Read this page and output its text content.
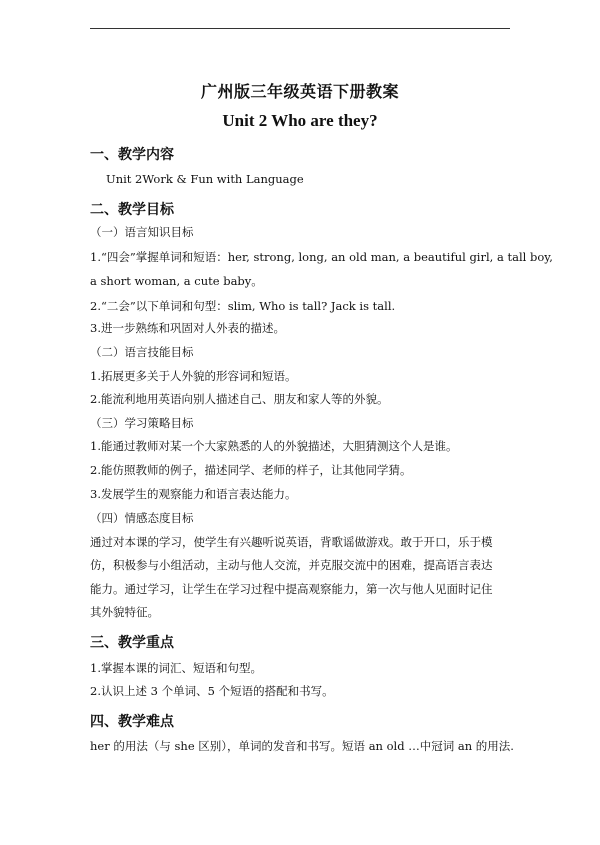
广州版三年级英语下册教案
Unit 2 Who are they?
一、教学内容
Unit 2Work & Fun with Language
二、教学目标
（一）语言知识目标
1.“四会”掌握单词和短语：her, strong, long, an old man, a beautiful girl, a tall boy,
a short woman, a cute baby。
2.“二会”以下单词和句型：slim, Who is tall? Jack is tall.
3.进一步熟练和巩固对人外表的描述。
（二）语言技能目标
1.拓展更多关于人外貌的形容词和短语。
2.能流利地用英语向别人描述自己、朋友和家人等的外貌。
（三）学习策略目标
1.能通过教师对某一个大家熟悉的人的外貌描述，大胆猜测这个人是谁。
2.能仿照教师的例子，描述同学、老师的样子，让其他同学猜。
3.发展学生的观察能力和语言表达能力。
（四）情感态度目标
通过对本课的学习，使学生有兴趣听说英语，背歌谣做游戏。敢于开口，乐于模
仿，积极参与小组活动，主动与他人交流，并克服交流中的困难，提高语言表达
能力。通过学习，让学生在学习过程中提高观察能力，第一次与他人见面时记住
其外貌特征。
三、教学重点
1.掌握本课的词汇、短语和句型。
2.认识上述 3 个单词、5 个短语的搭配和书写。
四、教学难点
her 的用法（与 she 区别），单词的发音和书写。短语 an old …中冠词 an 的用法.
